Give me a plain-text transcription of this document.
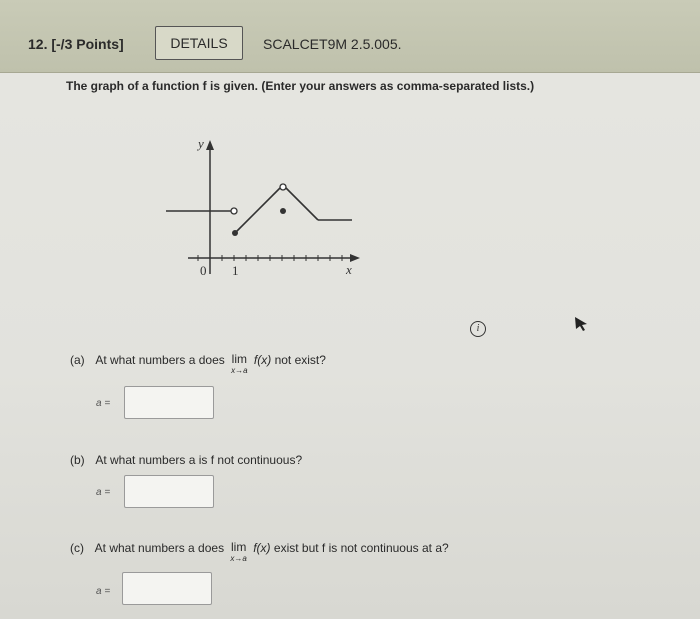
12. [-/3 Points]	DETAILS	SCALCET9M 2.5.005.
The graph of a function f is given. (Enter your answers as comma-separated lists.)
y
x
0 1
i
(a) At what numbers a does lim
x→a
f(x) not exist?
a =
(b) At what numbers a is f not continuous?
a =
(c) At what numbers a does lim
x→a
f(x) exist but f is not continuous at a?
a =
